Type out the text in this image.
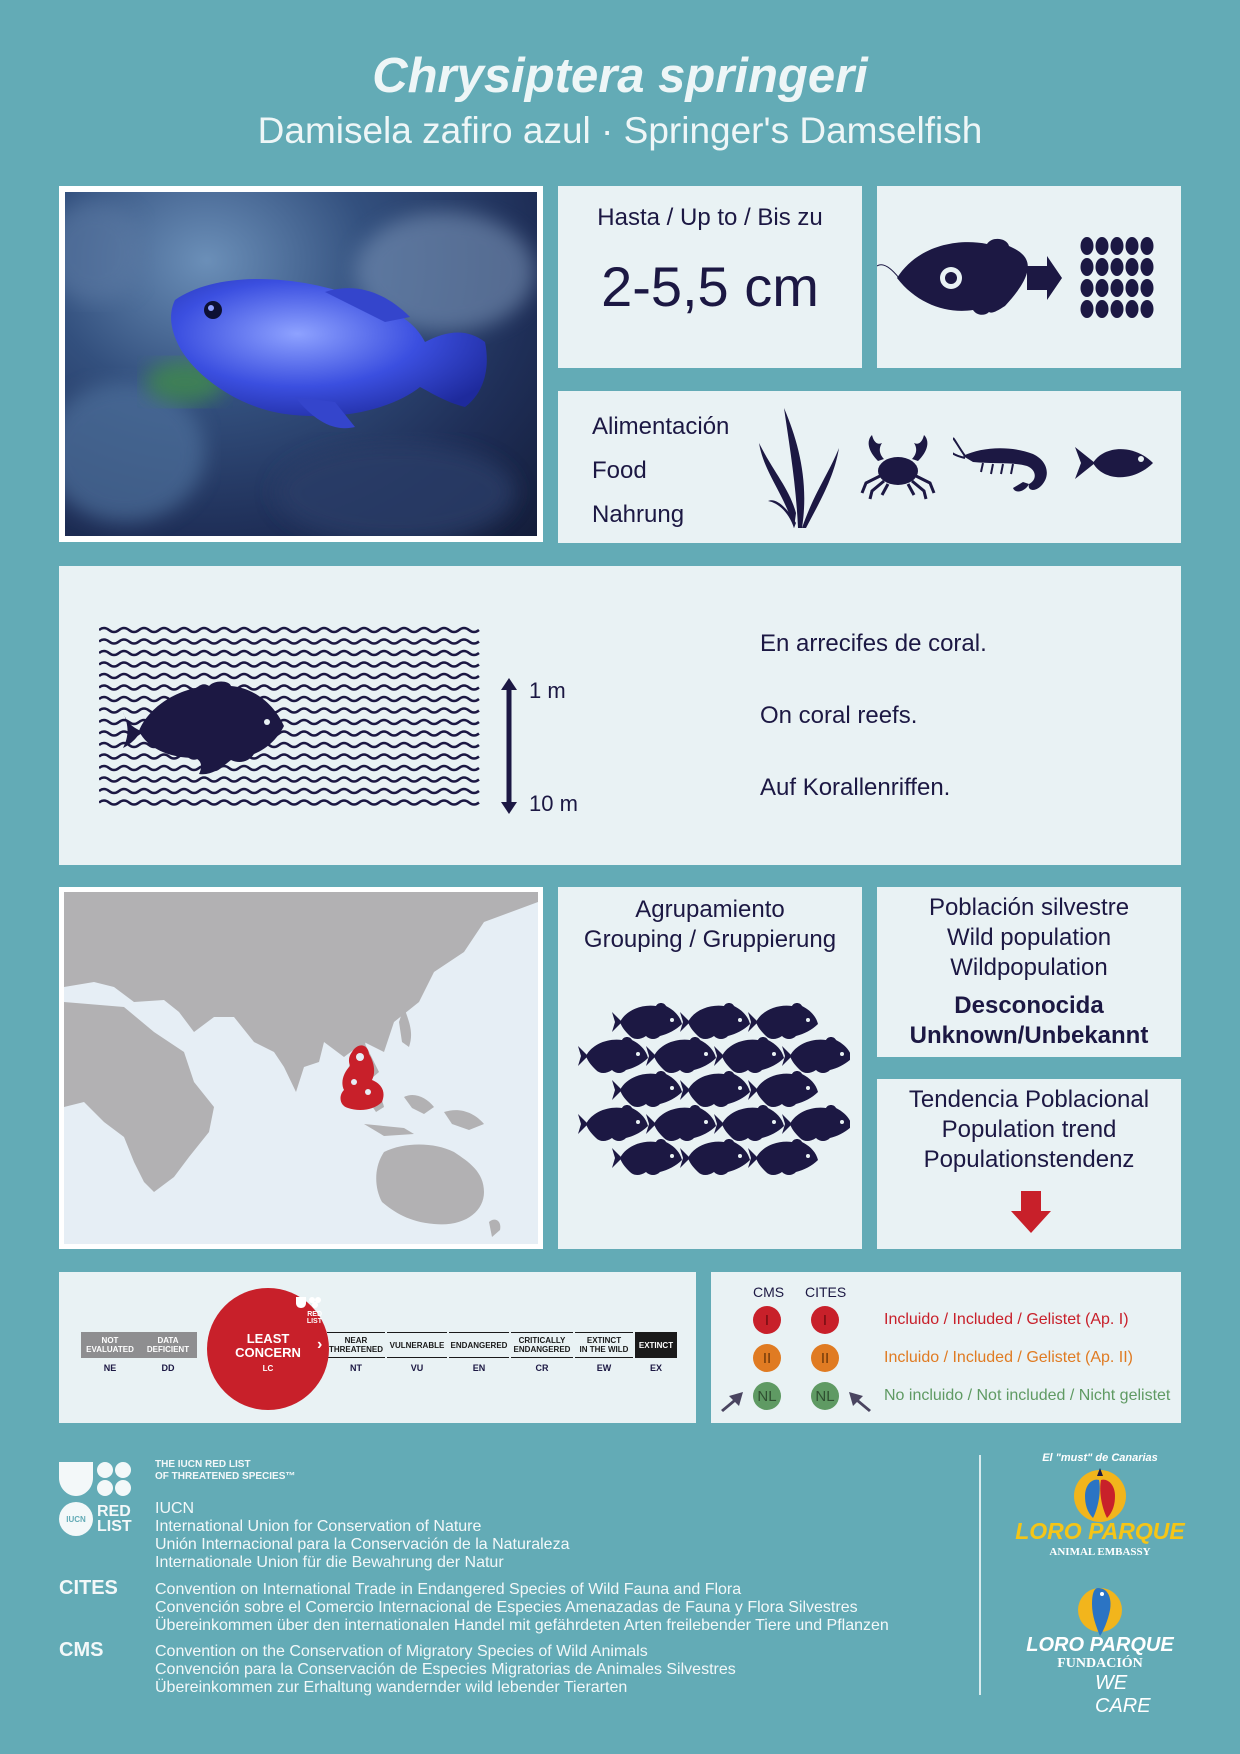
Chrysiptera springeri
Damisela zafiro azul · Springer's Damselfish
Hasta / Up to / Bis zu
2-5,5 cm
Alimentación
Food
Nahrung
1 m
10 m
En arrecifes de coral.
On coral reefs.
Auf Korallenriffen.
Agrupamiento
Grouping / Gruppierung
Población silvestre
Wild population
Wildpopulation
Desconocida
Unknown/Unbekannt
Tendencia Poblacional
Population trend
Populationstendenz
NOT
EVALUATED
NE
DATA
DEFICIENT
DD
NEAR
THREATENED
NT
VULNERABLE
VU
ENDANGERED
EN
CRITICALLY
ENDANGERED
CR
EXTINCT
IN THE WILD
EW
EXTINCT
EX
LEAST
CONCERN
LC
RED
LIST
›
CMS CITES
I	I	Incluido / Included / Gelistet (Ap. I)
II	II	Incluido / Included / Gelistet (Ap. II)
NL	NL	No incluido / Not included / Nicht gelistet
IUCN RED
LIST
THE IUCN RED LIST
OF THREATENED SPECIES™
IUCN
International Union for Conservation of Nature
Unión Internacional para la Conservación de la Naturaleza
Internationale Union für die Bewahrung der Natur
CITES Convention on International Trade in Endangered Species of Wild Fauna and Flora
Convención sobre el Comercio Internacional de Especies Amenazadas de Fauna y Flora Silvestres
Übereinkommen über den internationalen Handel mit gefährdeten Arten freilebender Tiere und Pflanzen
CMS	Convention on the Conservation of Migratory Species of Wild Animals
Convención para la Conservación de Especies Migratorias de Animales Silvestres
Übereinkommen zur Erhaltung wandernder wild lebender Tierarten
El "must" de Canarias
LORO PARQUE
ANIMAL EMBASSY
LORO PARQUE
FUNDACIÓN
WE CARE
